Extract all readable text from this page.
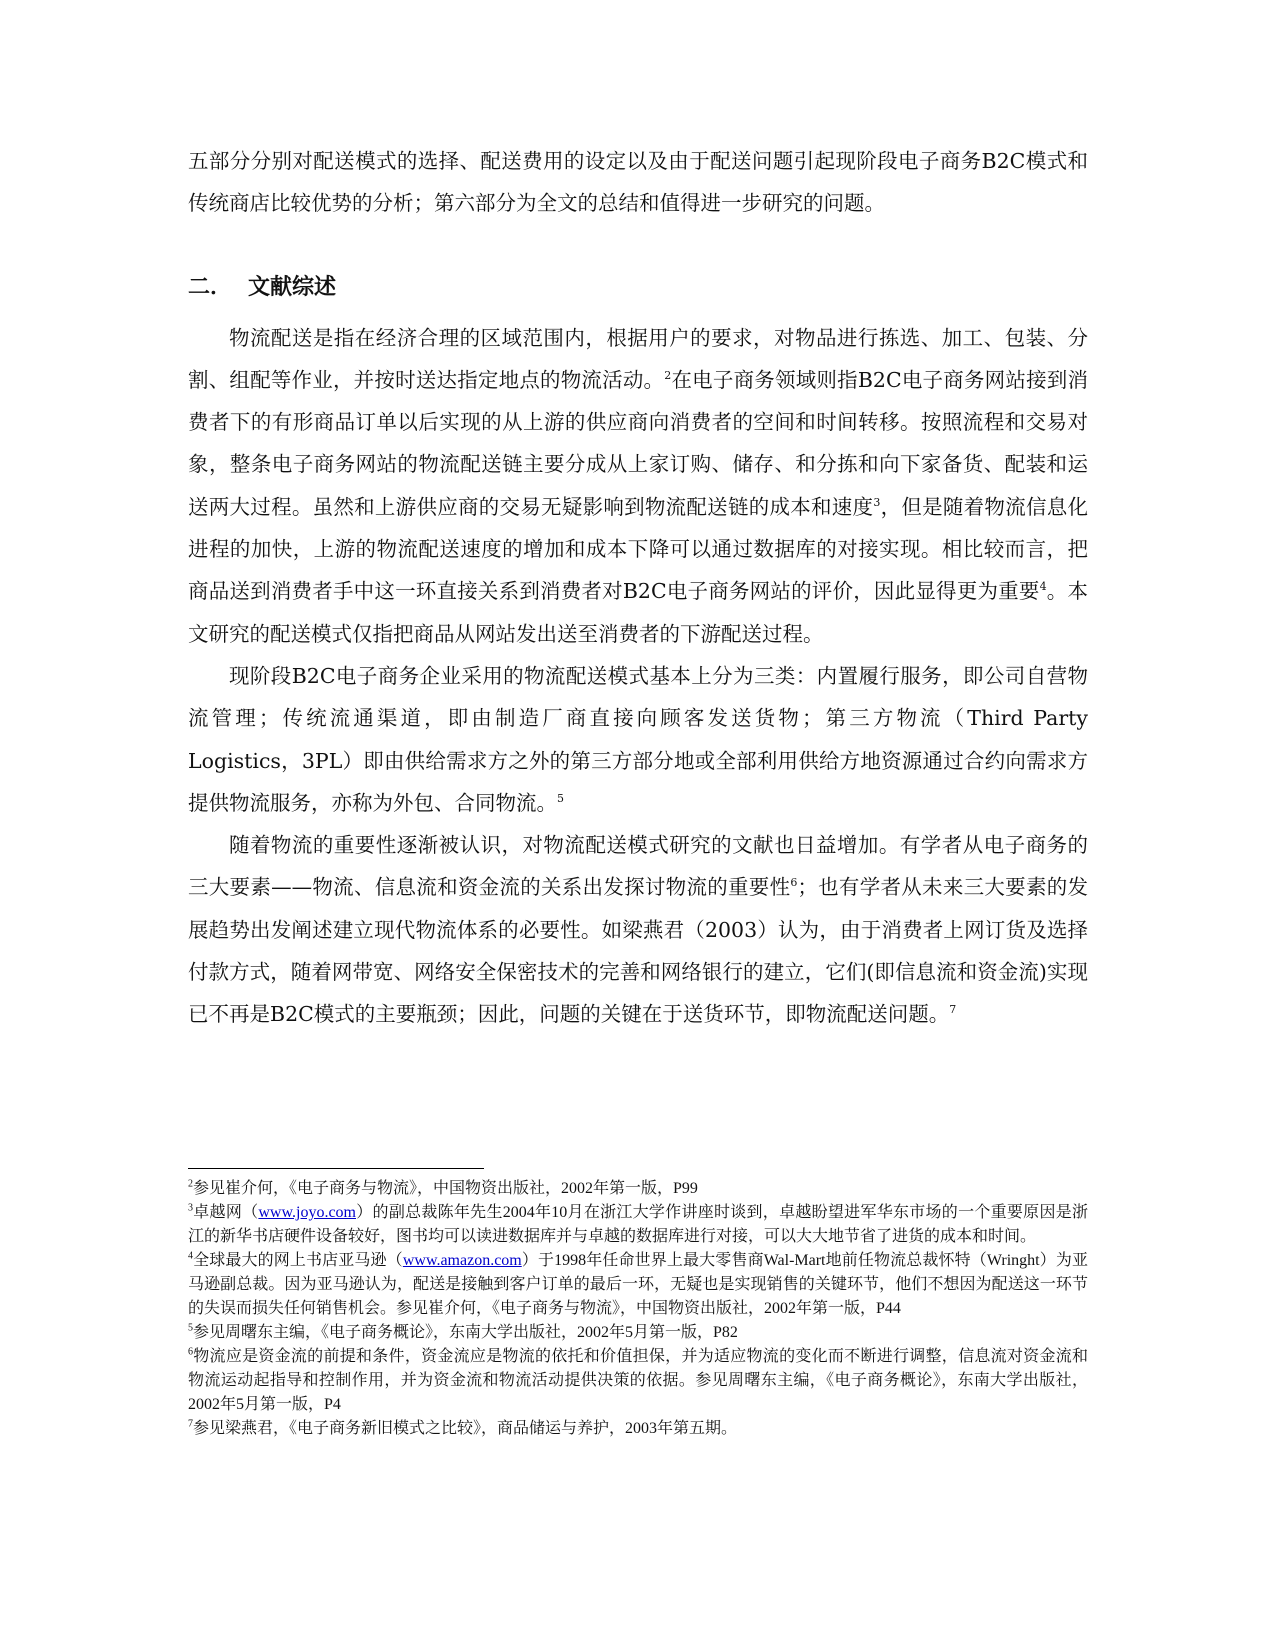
五部分分别对配送模式的选择、配送费用的设定以及由于配送问题引起现阶段电子商务B2C模式和传统商店比较优势的分析；第六部分为全文的总结和值得进一步研究的问题。

二． 文献综述

物流配送是指在经济合理的区域范围内，根据用户的要求，对物品进行拣选、加工、包装、分割、组配等作业，并按时送达指定地点的物流活动。$^2$在电子商务领域则指B2C电子商务网站接到消费者下的有形商品订单以后实现的从上游的供应商向消费者的空间和时间转移。按照流程和交易对象，整条电子商务网站的物流配送链主要分成从上家订购、储存、和分拣和向下家备货、配装和运送两大过程。虽然和上游供应商的交易无疑影响到物流配送链的成本和速度$^3$，但是随着物流信息化进程的加快，上游的物流配送速度的增加和成本下降可以通过数据库的对接实现。相比较而言，把商品送到消费者手中这一环直接关系到消费者对B2C电子商务网站的评价，因此显得更为重要$^4$。本文研究的配送模式仅指把商品从网站发出送至消费者的下游配送过程。

现阶段B2C电子商务企业采用的物流配送模式基本上分为三类：内置履行服务，即公司自营物流管理；传统流通渠道，即由制造厂商直接向顾客发送货物；第三方物流（Third Party Logistics，3PL）即由供给需求方之外的第三方部分地或全部利用供给方地资源通过合约向需求方提供物流服务，亦称为外包、合同物流。$^5$

随着物流的重要性逐渐被认识，对物流配送模式研究的文献也日益增加。有学者从电子商务的三大要素——物流、信息流和资金流的关系出发探讨物流的重要性$^6$；也有学者从未来三大要素的发展趋势出发阐述建立现代物流体系的必要性。如梁燕君（2003）认为，由于消费者上网订货及选择付款方式，随着网带宽、网络安全保密技术的完善和网络银行的建立，它们(即信息流和资金流)实现已不再是B2C模式的主要瓶颈；因此，问题的关键在于送货环节，即物流配送问题。$^7$

$^2$参见崔介何，《电子商务与物流》，中国物资出版社，2002年第一版，P99

$^3$卓越网（www.joyo.com）的副总裁陈年先生2004年10月在浙江大学作讲座时谈到，卓越盼望进军华东市场的一个重要原因是浙江的新华书店硬件设备较好，图书均可以读进数据库并与卓越的数据库进行对接，可以大大地节省了进货的成本和时间。

$^4$全球最大的网上书店亚马逊（www.amazon.com）于1998年任命世界上最大零售商Wal-Mart地前任物流总裁怀特（Wringht）为亚马逊副总裁。因为亚马逊认为，配送是接触到客户订单的最后一环，无疑也是实现销售的关键环节，他们不想因为配送这一环节的失误而损失任何销售机会。参见崔介何，《电子商务与物流》，中国物资出版社，2002年第一版，P44

$^5$参见周曙东主编，《电子商务概论》，东南大学出版社，2002年5月第一版，P82

$^6$物流应是资金流的前提和条件，资金流应是物流的依托和价值担保，并为适应物流的变化而不断进行调整，信息流对资金流和物流运动起指导和控制作用，并为资金流和物流活动提供决策的依据。参见周曙东主编，《电子商务概论》，东南大学出版社，2002年5月第一版，P4

$^7$参见梁燕君，《电子商务新旧模式之比较》，商品储运与养护，2003年第五期。
